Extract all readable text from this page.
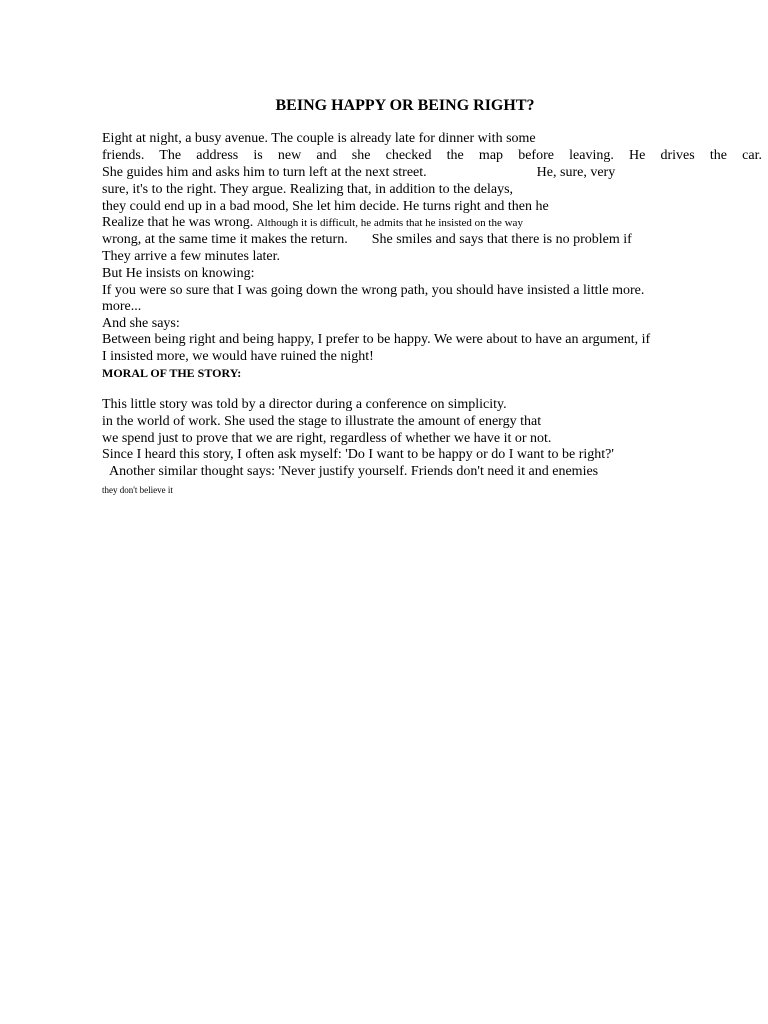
BEING HAPPY OR BEING RIGHT?
Eight at night, a busy avenue. The couple is already late for dinner with some
friends. The address is new and she checked the map before leaving. He drives the car.
She guides him and asks him to turn left at the next street.	He, sure, very
sure, it's to the right. They argue. Realizing that, in addition to the delays,
they could end up in a bad mood, She let him decide. He turns right and then he
Realize that he was wrong. Although it is difficult, he admits that he insisted on the way
wrong, at the same time it makes the return. She smiles and says that there is no problem if
They arrive a few minutes later.
But He insists on knowing:
If you were so sure that I was going down the wrong path, you should have insisted a little more.
more...
And she says:
Between being right and being happy, I prefer to be happy. We were about to have an argument, if
I insisted more, we would have ruined the night!
MORAL OF THE STORY:
This little story was told by a director during a conference on simplicity.
in the world of work. She used the stage to illustrate the amount of energy that
we spend just to prove that we are right, regardless of whether we have it or not.
Since I heard this story, I often ask myself: 'Do I want to be happy or do I want to be right?'
Another similar thought says: 'Never justify yourself. Friends don't need it and enemies
they don't believe it
